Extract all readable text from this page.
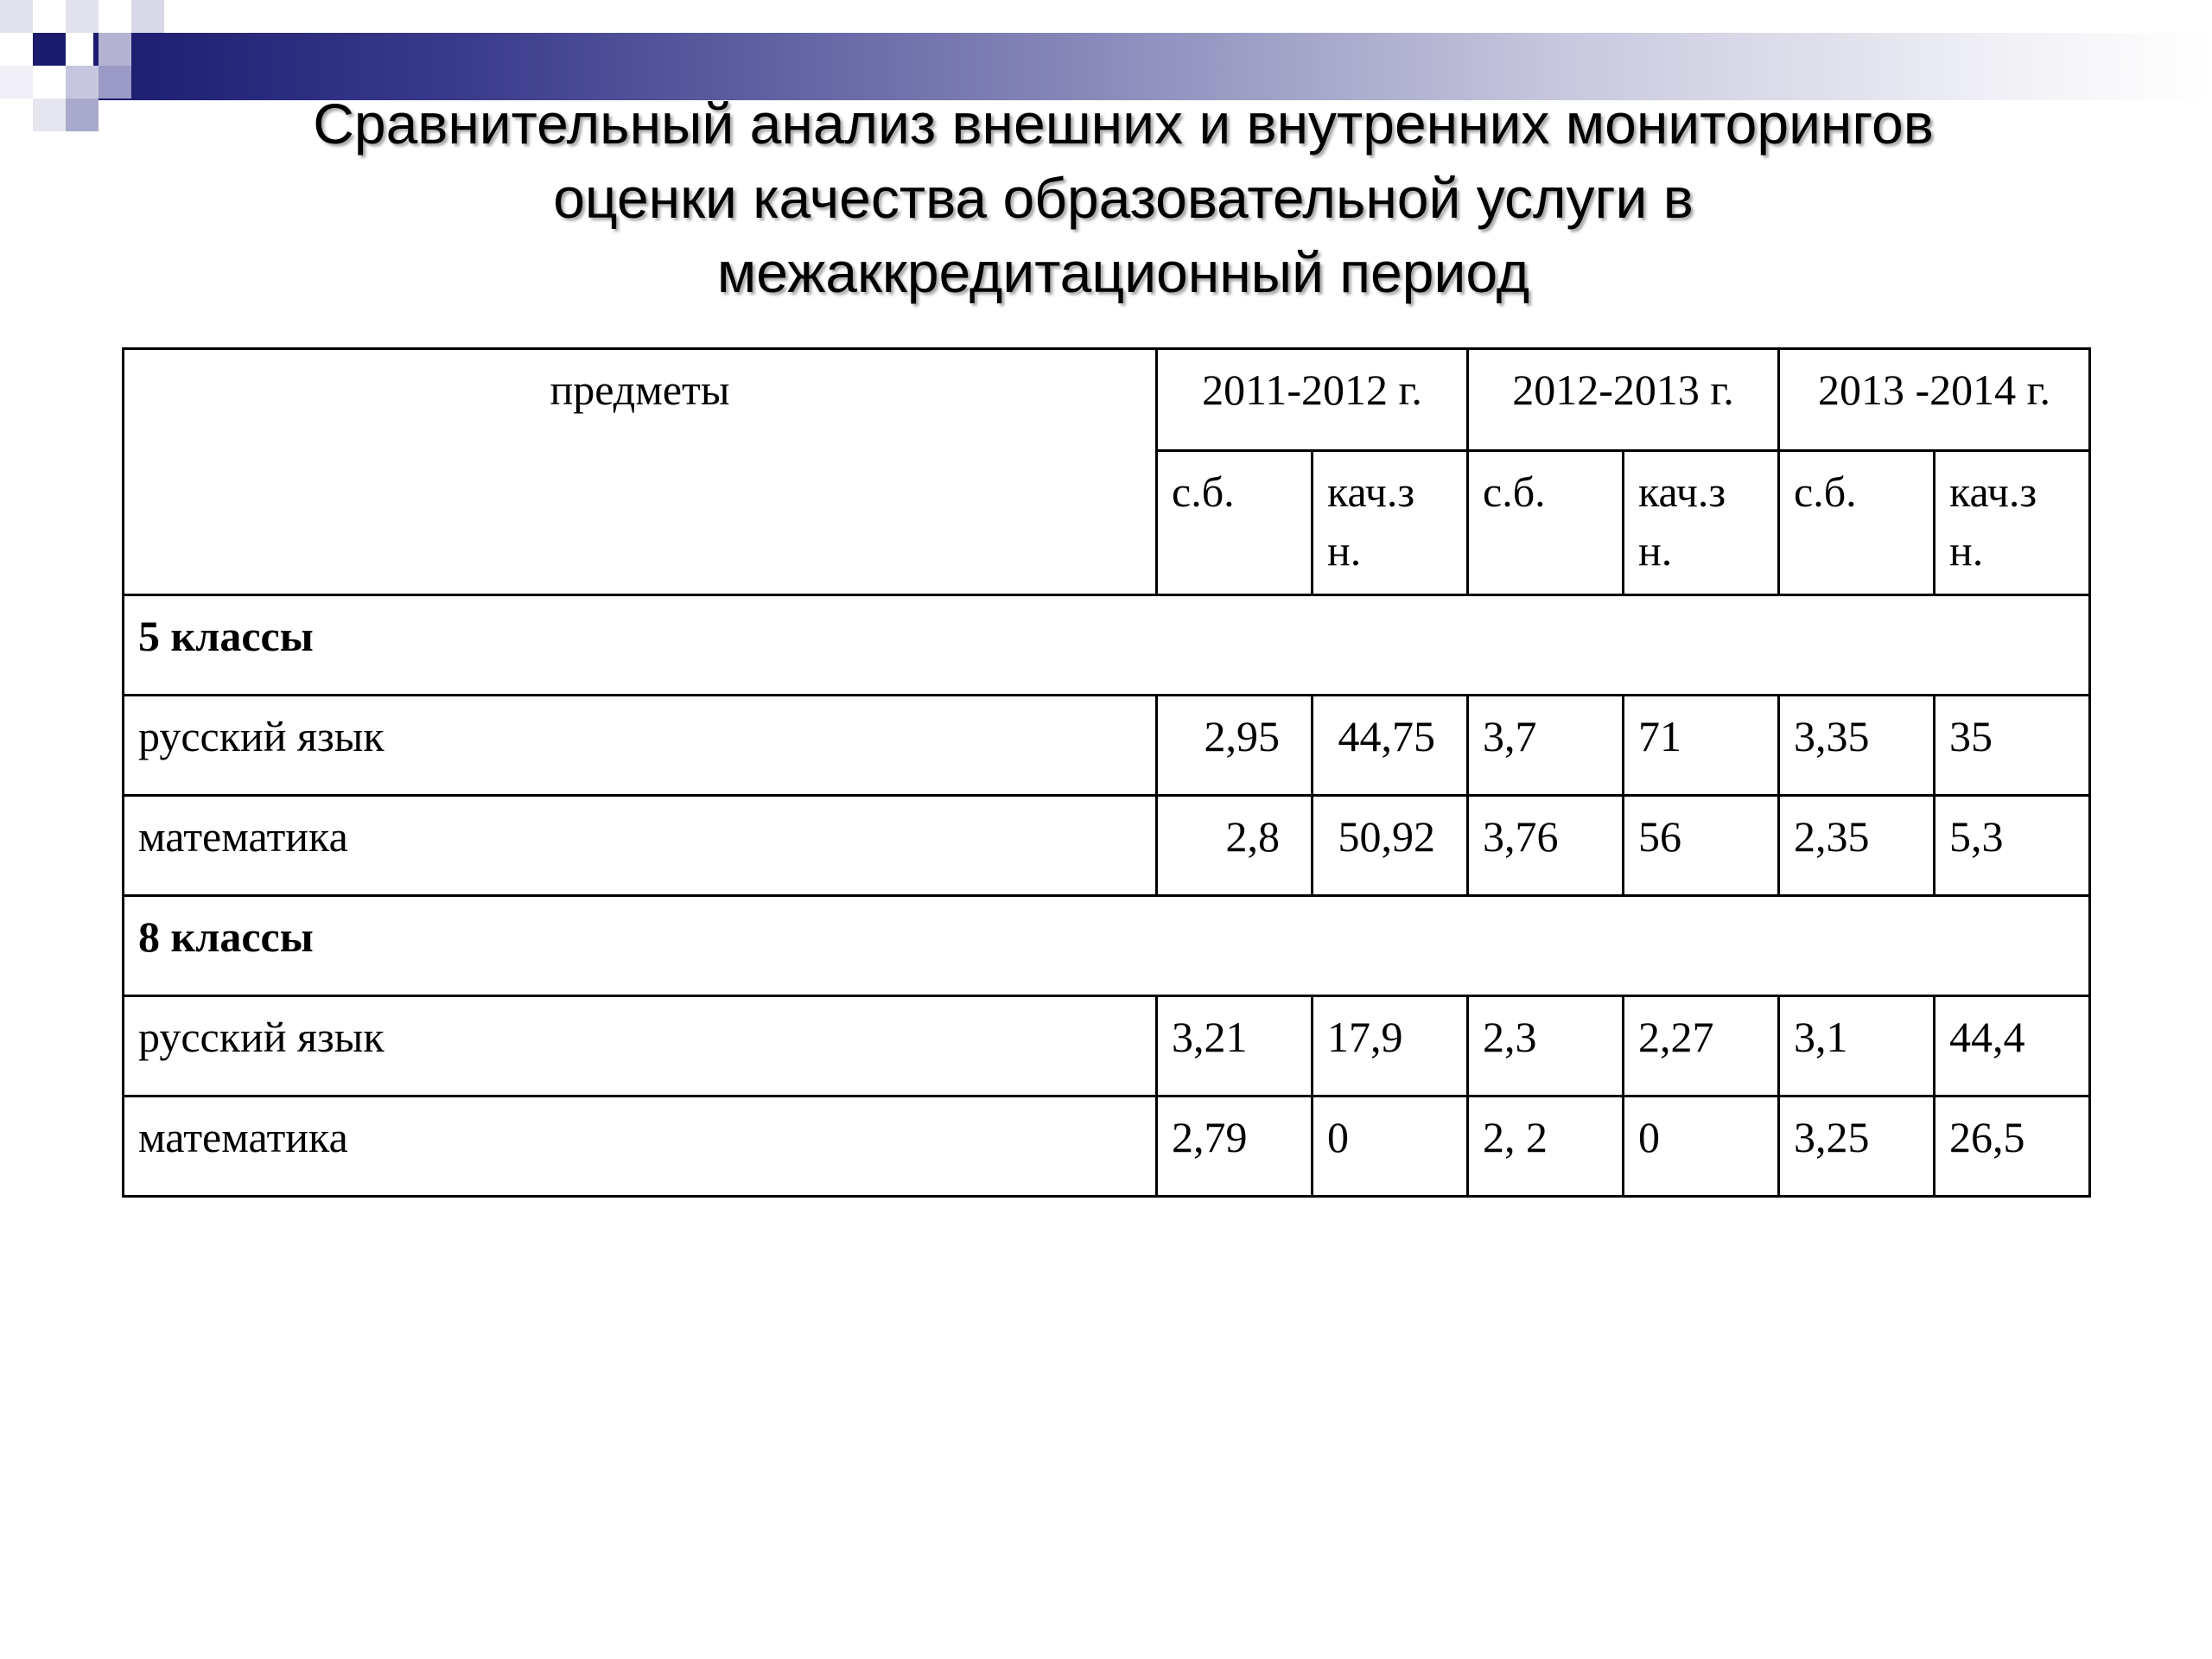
Сравнительный анализ внешних и внутренних мониторингов
оценки качества образовательной услуги в
межаккредитационный период
предметы	2011-2012 г.		2012-2013 г.		2013 -2014 г.	
	с.б.	кач.з н.	с.б.	кач.з н.	с.б.	кач.з н.
5 классы						
русский язык	2,95	44,75	3,7	71	3,35	35
математика	2,8	50,92	3,76	56	2,35	5,3
8 классы						
русский язык	3,21	17,9	2,3	2,27	3,1	44,4
математика	2,79	0	2, 2	0	3,25	26,5
